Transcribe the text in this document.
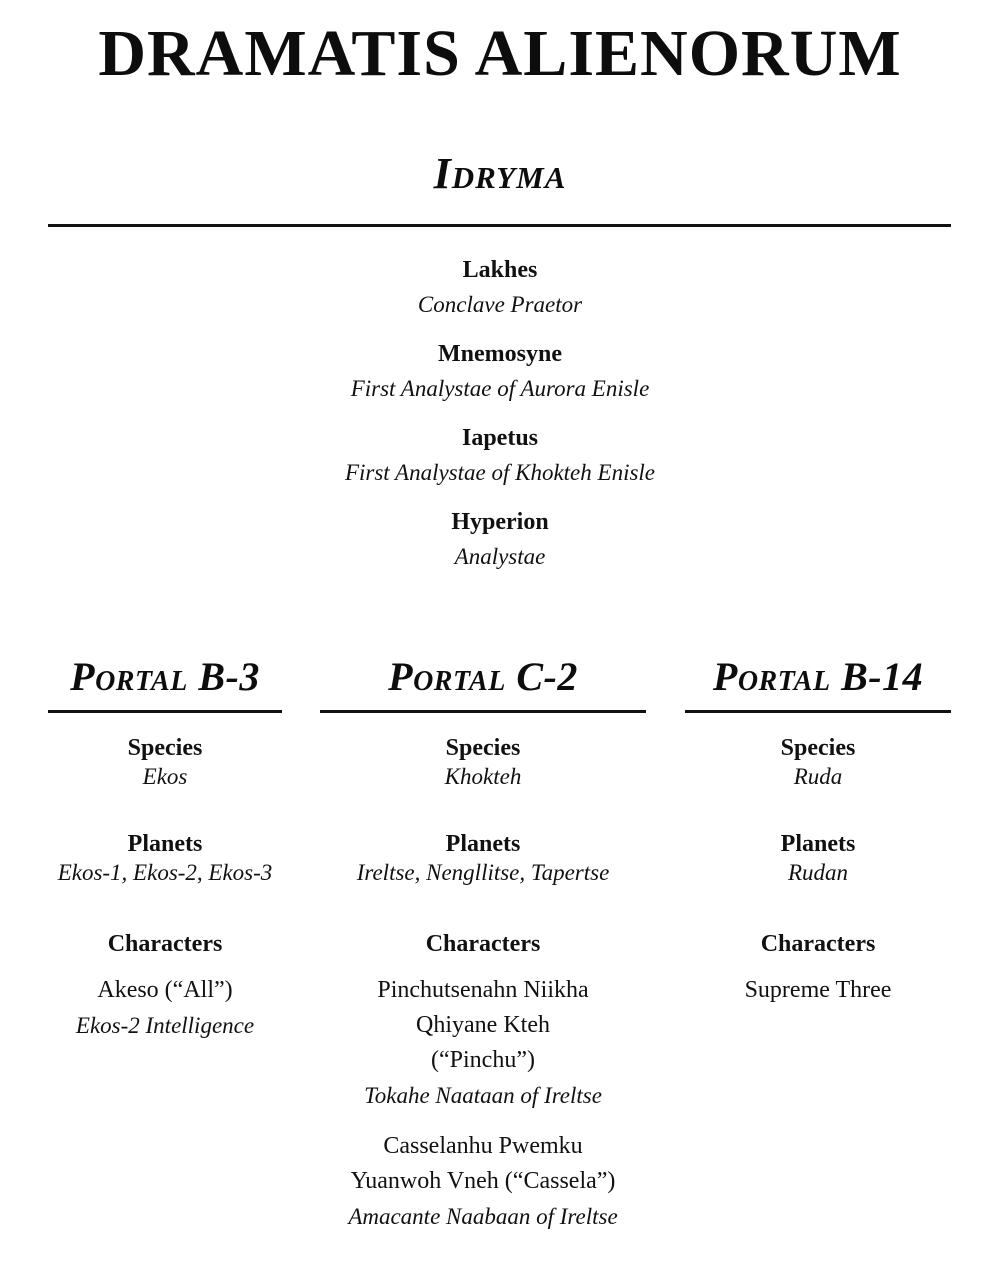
DRAMATIS ALIENORUM
Idryma
Lakhes
Conclave Praetor
Mnemosyne
First Analystae of Aurora Enisle
Iapetus
First Analystae of Khokteh Enisle
Hyperion
Analystae
Portal B-3
Species
Ekos
Planets
Ekos-1, Ekos-2, Ekos-3
Characters
Akeso (“All”)
Ekos-2 Intelligence
Portal C-2
Species
Khokteh
Planets
Ireltse, Nengllitse, Tapertse
Characters
Pinchutsenahn Niikha
Qhiyane Kteh
(“Pinchu”)
Tokahe Naataan of Ireltse
Casselanhu Pwemku
Yuanwoh Vneh (“Cassela”)
Amacante Naabaan of Ireltse
Portal B-14
Species
Ruda
Planets
Rudan
Characters
Supreme Three
